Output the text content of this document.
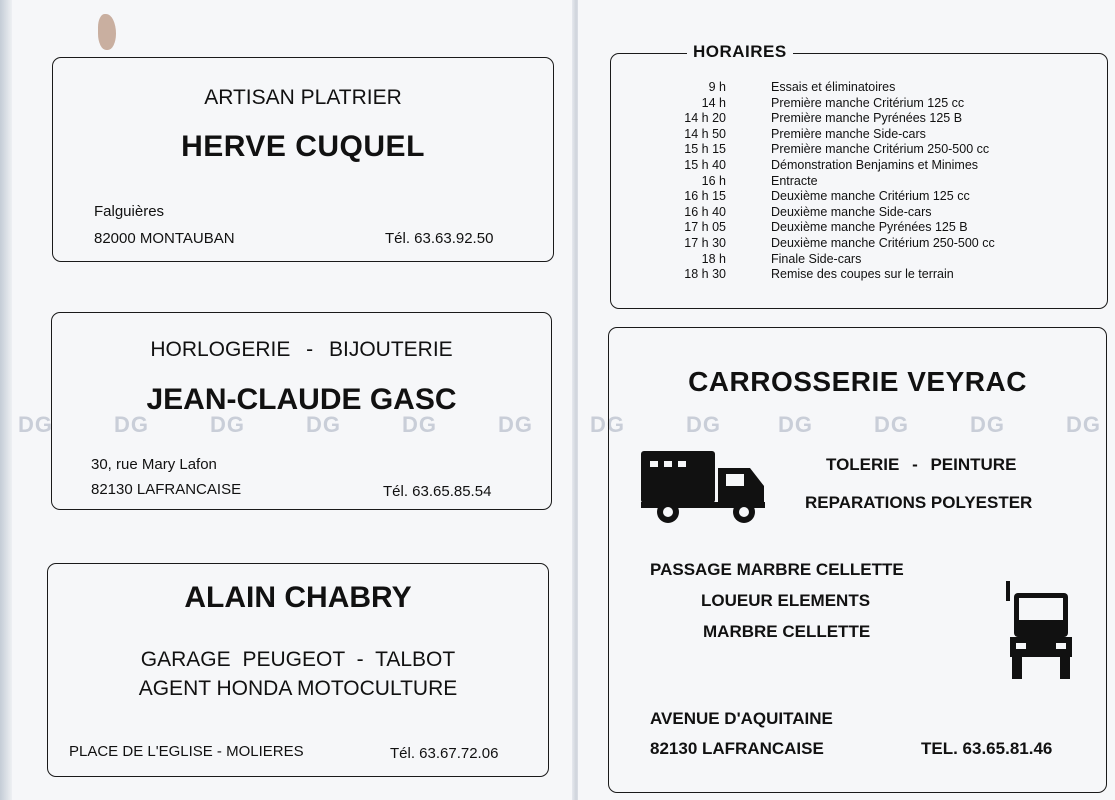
DG	DG	DG	DG	DG	DG
ARTISAN PLATRIER
HERVE CUQUEL
Falguières
82000 MONTAUBAN	Tél. 63.63.92.50
HORLOGERIE - BIJOUTERIE
JEAN-CLAUDE GASC
30, rue Mary Lafon
82130 LAFRANCAISE	Tél. 63.65.85.54
ALAIN CHABRY
GARAGE PEUGEOT - TALBOT
AGENT HONDA MOTOCULTURE
PLACE DE L'EGLISE - MOLIERES	Tél. 63.67.72.06
DG	DG	DG	DG	DG	DG
HORAIRES
9 h	Essais et éliminatoires
14 h	Première manche Critérium 125 cc
14 h 20	Première manche Pyrénées 125 B
14 h 50	Première manche Side-cars
15 h 15	Première manche Critérium 250-500 cc
15 h 40	Démonstration Benjamins et Minimes
16 h	Entracte
16 h 15	Deuxième manche Critérium 125 cc
16 h 40	Deuxième manche Side-cars
17 h 05	Deuxième manche Pyrénées 125 B
17 h 30	Deuxième manche Critérium 250-500 cc
18 h	Finale Side-cars
18 h 30	Remise des coupes sur le terrain
CARROSSERIE VEYRAC
TOLERIE - PEINTURE
REPARATIONS POLYESTER
PASSAGE MARBRE CELLETTE
LOUEUR ELEMENTS
MARBRE CELLETTE
AVENUE D'AQUITAINE
82130 LAFRANCAISE	TEL. 63.65.81.46
